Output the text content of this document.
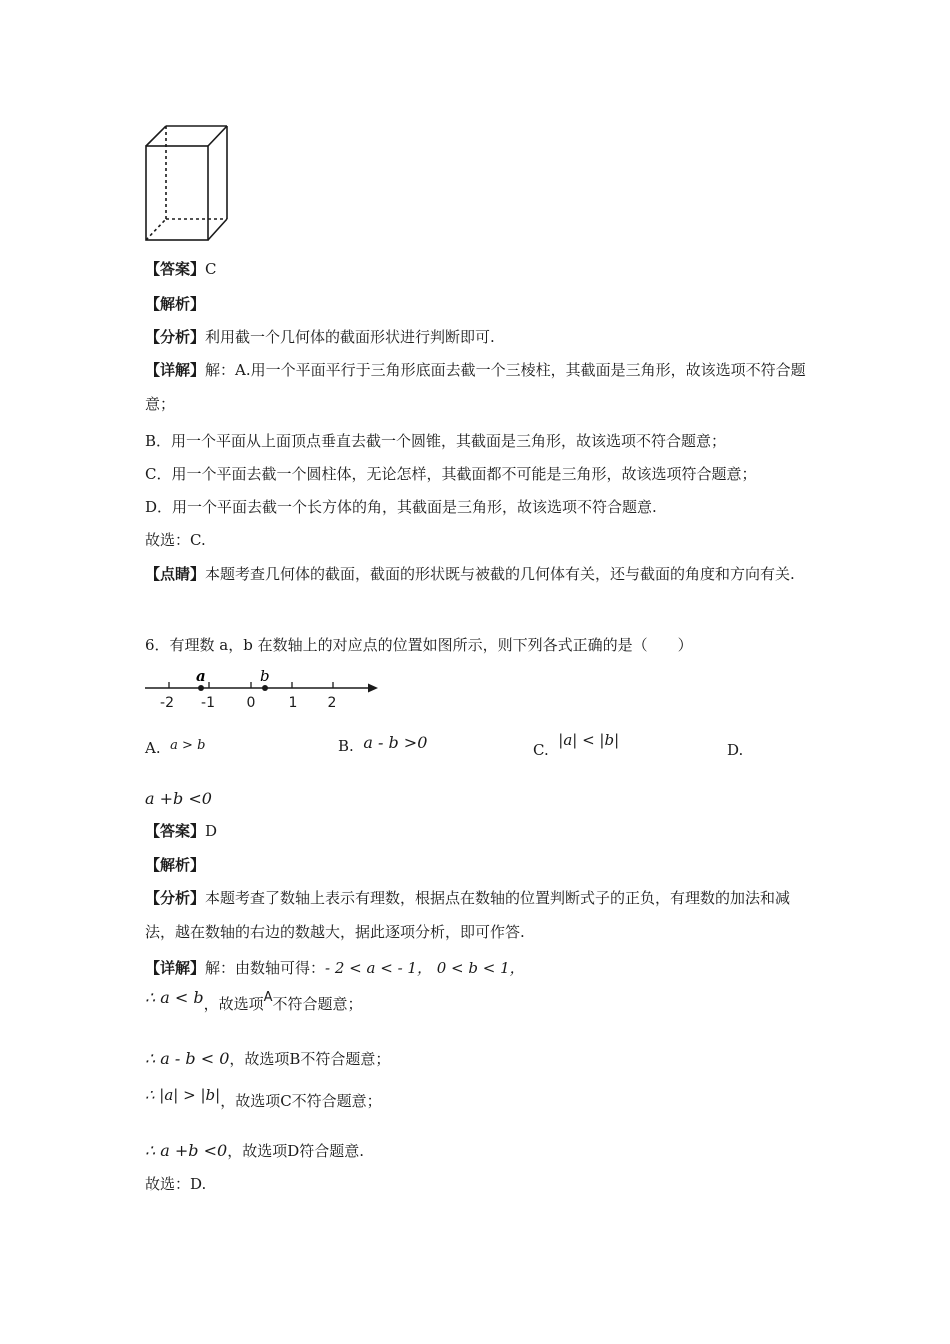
【答案】C
【解析】
【分析】利用截一个几何体的截面形状进行判断即可.
【详解】解：A.用一个平面平行于三角形底面去截一个三棱柱，其截面是三角形，故该选项不符合题意；
B．用一个平面从上面顶点垂直去截一个圆锥，其截面是三角形，故该选项不符合题意；
C．用一个平面去截一个圆柱体，无论怎样，其截面都不可能是三角形，故该选项符合题意；
D．用一个平面去截一个长方体的角，其截面是三角形，故该选项不符合题意.
故选：C.
【点睛】本题考查几何体的截面，截面的形状既与被截的几何体有关，还与截面的角度和方向有关.
6．有理数 a，b 在数轴上的对应点的位置如图所示，则下列各式正确的是（　　）
a	b
-2 -1 0 1 2
A. a > b	B. a - b >0	C.  |a| < |b|
D.
a +b <0
【答案】D
【解析】
【分析】本题考查了数轴上表示有理数，根据点在数轴的位置判断式子的正负，有理数的加法和减法，越在数轴的右边的数越大，据此逐项分析，即可作答.
【详解】解：由数轴可得：- 2 < a < - 1， 0 < b < 1，
∴ a < b，故选项A不符合题意；
∴ a - b < 0，故选项B不符合题意；
∴ |a| > |b|，故选项C不符合题意；
∴ a +b <0，故选项D符合题意.
故选：D.
